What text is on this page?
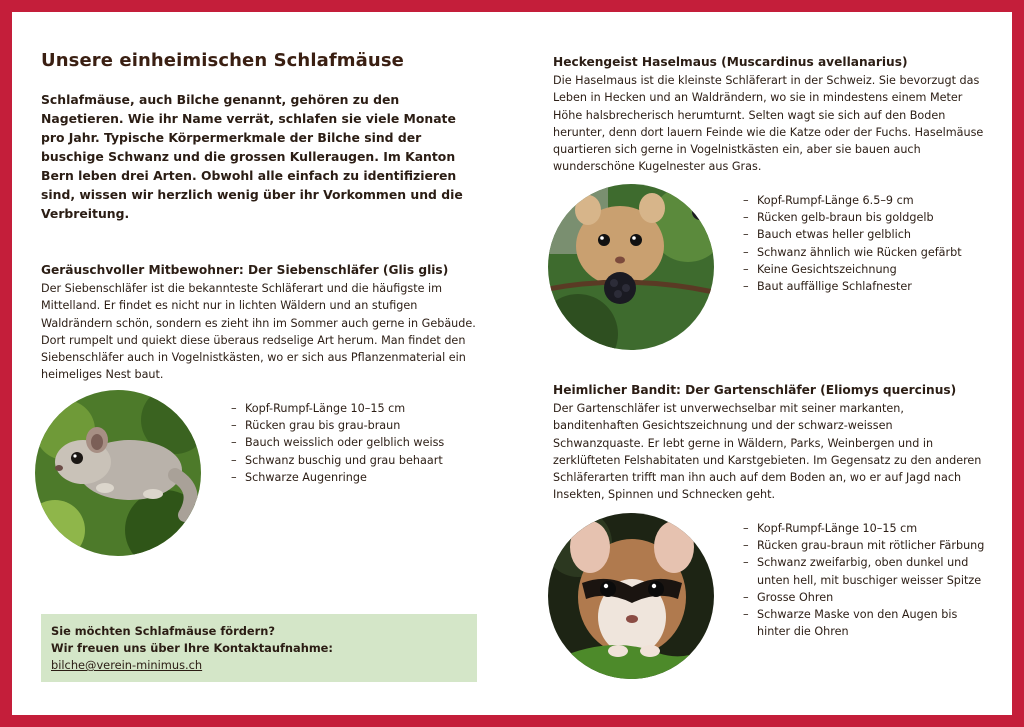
Unsere einheimischen Schlafmäuse
Schlafmäuse, auch Bilche genannt, gehören zu den Nagetieren. Wie ihr Name verrät, schlafen sie viele Monate pro Jahr. Typische Körpermerkmale der Bilche sind der buschige Schwanz und die grossen Kulleraugen. Im Kanton Bern leben drei Arten. Obwohl alle einfach zu identifizieren sind, wissen wir herzlich wenig über ihr Vorkommen und die Verbreitung.
Geräuschvoller Mitbewohner: Der Siebenschläfer (Glis glis)
Der Siebenschläfer ist die bekannteste Schläferart und die häufigste im Mittelland. Er findet es nicht nur in lichten Wäldern und an stufigen Waldrändern schön, sondern es zieht ihn im Sommer auch gerne in Gebäude. Dort rumpelt und quiekt diese überaus redselige Art herum. Man findet den Siebenschläfer auch in Vogelnistkästen, wo er sich aus Pflanzenmaterial ein heimeliges Nest baut.
– Kopf-Rumpf-Länge 10–15 cm
– Rücken grau bis grau-braun
– Bauch weisslich oder gelblich weiss
– Schwanz buschig und grau behaart
– Schwarze Augenringe
Sie möchten Schlafmäuse fördern?
Wir freuen uns über Ihre Kontaktaufnahme:
bilche@verein-minimus.ch
Heckengeist Haselmaus (Muscardinus avellanarius)
Die Haselmaus ist die kleinste Schläferart in der Schweiz. Sie bevorzugt das Leben in Hecken und an Waldrändern, wo sie in mindestens einem Meter Höhe halsbrecherisch herumturnt. Selten wagt sie sich auf den Boden herunter, denn dort lauern Feinde wie die Katze oder der Fuchs. Haselmäuse quartieren sich gerne in Vogelnistkästen ein, aber sie bauen auch wunderschöne Kugelnester aus Gras.
– Kopf-Rumpf-Länge 6.5–9 cm
– Rücken gelb-braun bis goldgelb
– Bauch etwas heller gelblich
– Schwanz ähnlich wie Rücken gefärbt
– Keine Gesichtszeichnung
– Baut auffällige Schlafnester
Heimlicher Bandit: Der Gartenschläfer (Eliomys quercinus)
Der Gartenschläfer ist unverwechselbar mit seiner markanten, banditenhaften Gesichtszeichnung und der schwarz-weissen Schwanzquaste. Er lebt gerne in Wäldern, Parks, Weinbergen und in zerklüfteten Felshabitaten und Karstgebieten. Im Gegensatz zu den anderen Schläferarten trifft man ihn auch auf dem Boden an, wo er auf Jagd nach Insekten, Spinnen und Schnecken geht.
– Kopf-Rumpf-Länge 10–15 cm
– Rücken grau-braun mit rötlicher Färbung
– Schwanz zweifarbig, oben dunkel und unten hell, mit buschiger weisser Spitze
– Grosse Ohren
– Schwarze Maske von den Augen bis hinter die Ohren
